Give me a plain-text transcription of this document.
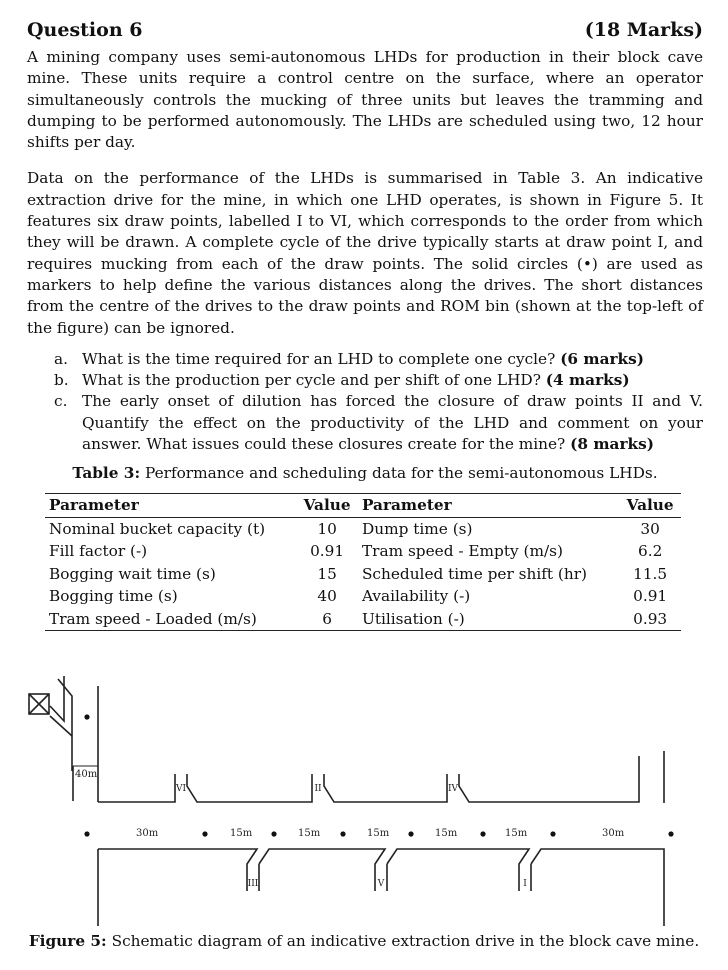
Question 6	(18 Marks)

A mining company uses semi-autonomous LHDs for production in their block cave mine. These units require a control centre on the surface, where an operator simultaneously controls the mucking of three units but leaves the tramming and dumping to be performed autonomously. The LHDs are scheduled using two, 12 hour shifts per day.

Data on the performance of the LHDs is summarised in Table 3. An indicative extraction drive for the mine, in which one LHD operates, is shown in Figure 5. It features six draw points, labelled I to VI, which corresponds to the order from which they will be drawn. A complete cycle of the drive typically starts at draw point I, and requires mucking from each of the draw points. The solid circles (•) are used as markers to help define the various distances along the drives. The short distances from the centre of the drives to the draw points and ROM bin (shown at the top-left of the figure) can be ignored.

a. What is the time required for an LHD to complete one cycle? (6 marks)
b. What is the production per cycle and per shift of one LHD? (4 marks)
c. The early onset of dilution has forced the closure of draw points II and V. Quantify the effect on the productivity of the LHD and comment on your answer. What issues could these closures create for the mine? (8 marks)
Table 3: Performance and scheduling data for the semi-autonomous LHDs.
Parameter	Value	Parameter	Value
Nominal bucket capacity (t)	10	Dump time (s)	30
Fill factor (-)	0.91	Tram speed - Empty (m/s)	6.2
Bogging wait time (s)	15	Scheduled time per shift (hr)	11.5
Bogging time (s)	40	Availability (-)	0.91
Tram speed - Loaded (m/s)	6	Utilisation (-)	0.93
40m
30m	15m	15m	15m	15m	15m	30m
VI	II	IV
III	V	I
Figure 5: Schematic diagram of an indicative extraction drive in the block cave mine.
